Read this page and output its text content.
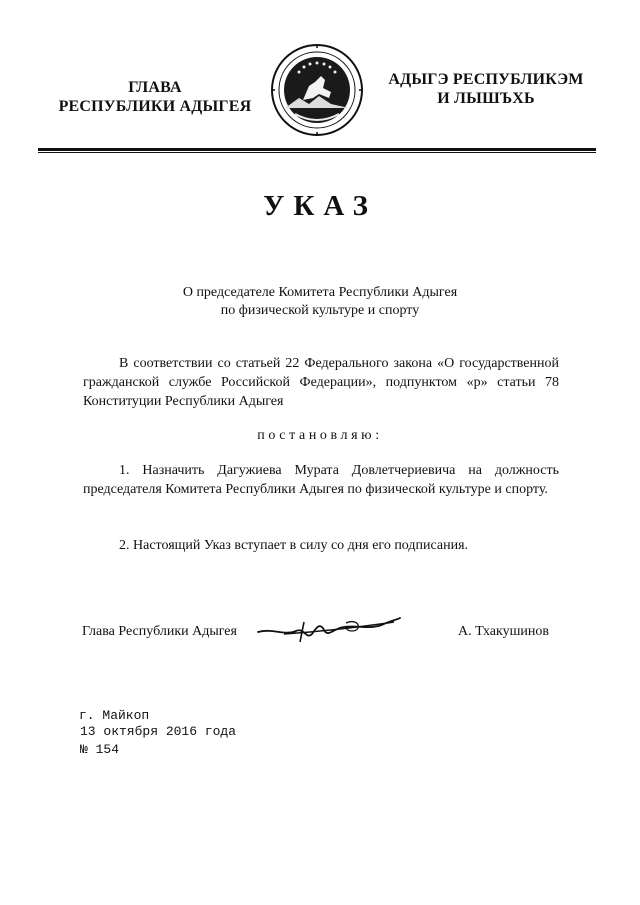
ГЛАВА
РЕСПУБЛИКИ АДЫГЕЯ
АДЫГЭ РЕСПУБЛИКЭМ
И ЛЫШЪХЬ
УКАЗ
О председателе Комитета Республики Адыгея
по физической культуре и спорту
В соответствии со статьей 22 Федерального закона «О государственной гражданской службе Российской Федерации», подпунктом «р» статьи 78 Конституции Республики Адыгея
постановляю:
1. Назначить Дагужиева Мурата Довлетчериевича на должность председателя Комитета Республики Адыгея по физической культуре и спорту.
2. Настоящий Указ вступает в силу со дня его подписания.
Глава Республики Адыгея	А. Тхакушинов
г. Майкоп
13 октября 2016 года
№ 154
